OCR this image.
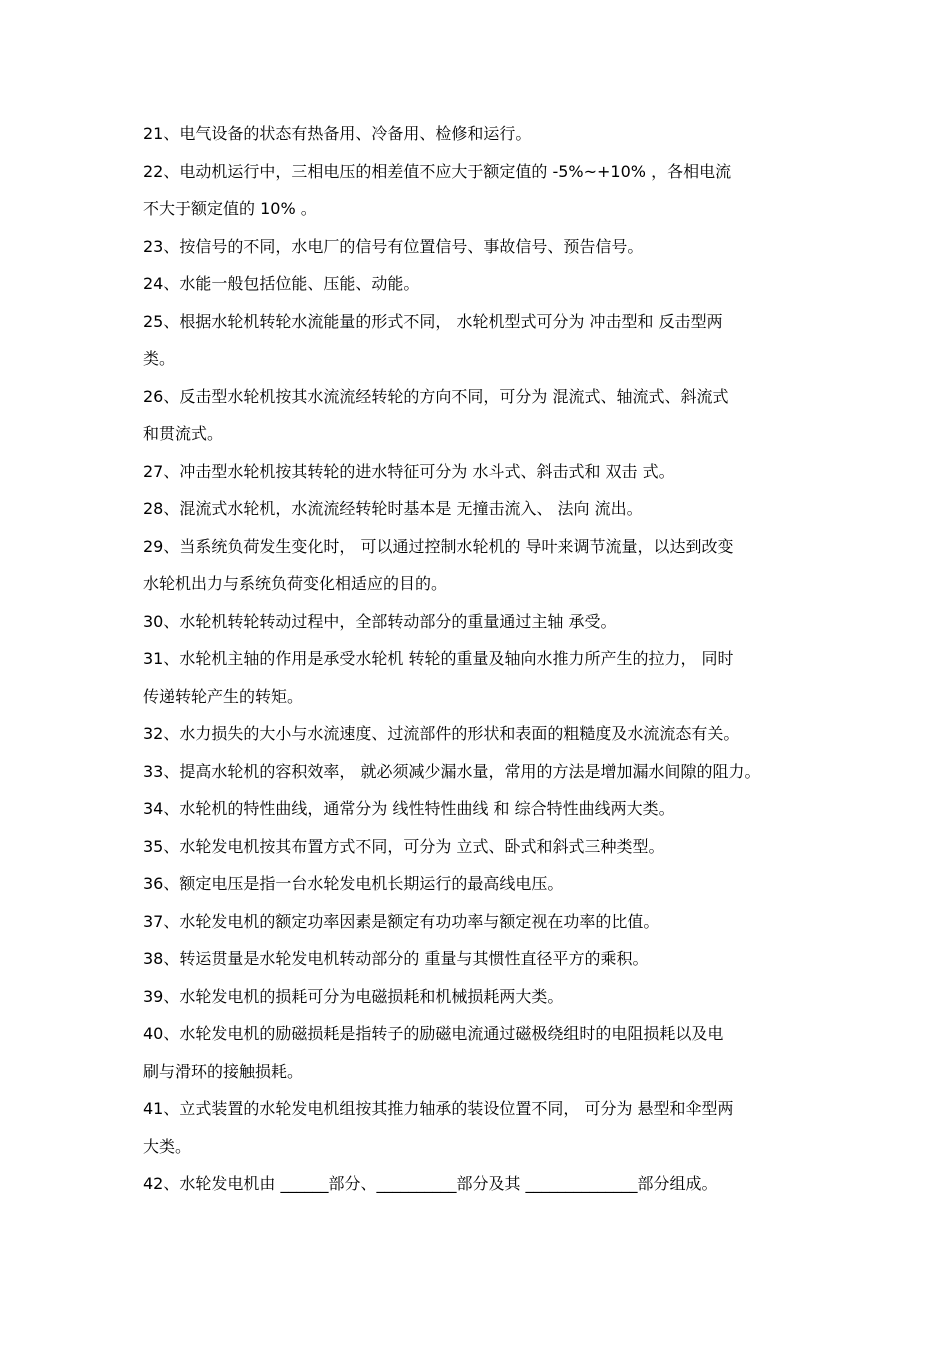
21、电气设备的状态有热备用、冷备用、检修和运行。
22、电动机运行中，三相电压的相差值不应大于额定值的 -5%~+10% ，各相电流
不大于额定值的 10% 。
23、按信号的不同，水电厂的信号有位置信号、事故信号、预告信号。
24、水能一般包括位能、压能、动能。
25、根据水轮机转轮水流能量的形式不同， 水轮机型式可分为 冲击型和 反击型两
类。
26、反击型水轮机按其水流流经转轮的方向不同，可分为 混流式、轴流式、斜流式
和贯流式。
27、冲击型水轮机按其转轮的进水特征可分为 水斗式、斜击式和 双击 式。
28、混流式水轮机，水流流经转轮时基本是 无撞击流入、 法向 流出。
29、当系统负荷发生变化时， 可以通过控制水轮机的 导叶来调节流量，以达到改变
水轮机出力与系统负荷变化相适应的目的。
30、水轮机转轮转动过程中，全部转动部分的重量通过主轴 承受。
31、水轮机主轴的作用是承受水轮机 转轮的重量及轴向水推力所产生的拉力， 同时
传递转轮产生的转矩。
32、水力损失的大小与水流速度、过流部件的形状和表面的粗糙度及水流流态有关。
33、提高水轮机的容积效率， 就必须减少漏水量，常用的方法是增加漏水间隙的阻力。
34、水轮机的特性曲线，通常分为 线性特性曲线 和 综合特性曲线两大类。
35、水轮发电机按其布置方式不同，可分为 立式、卧式和斜式三种类型。
36、额定电压是指一台水轮发电机长期运行的最高线电压。
37、水轮发电机的额定功率因素是额定有功功率与额定视在功率的比值。
38、转运贯量是水轮发电机转动部分的 重量与其惯性直径平方的乘积。
39、水轮发电机的损耗可分为电磁损耗和机械损耗两大类。
40、水轮发电机的励磁损耗是指转子的励磁电流通过磁极绕组时的电阻损耗以及电
刷与滑环的接触损耗。
41、立式装置的水轮发电机组按其推力轴承的装设位置不同， 可分为 悬型和伞型两
大类。
42、水轮发电机由 ______部分、__________部分及其 ______________部分组成。
